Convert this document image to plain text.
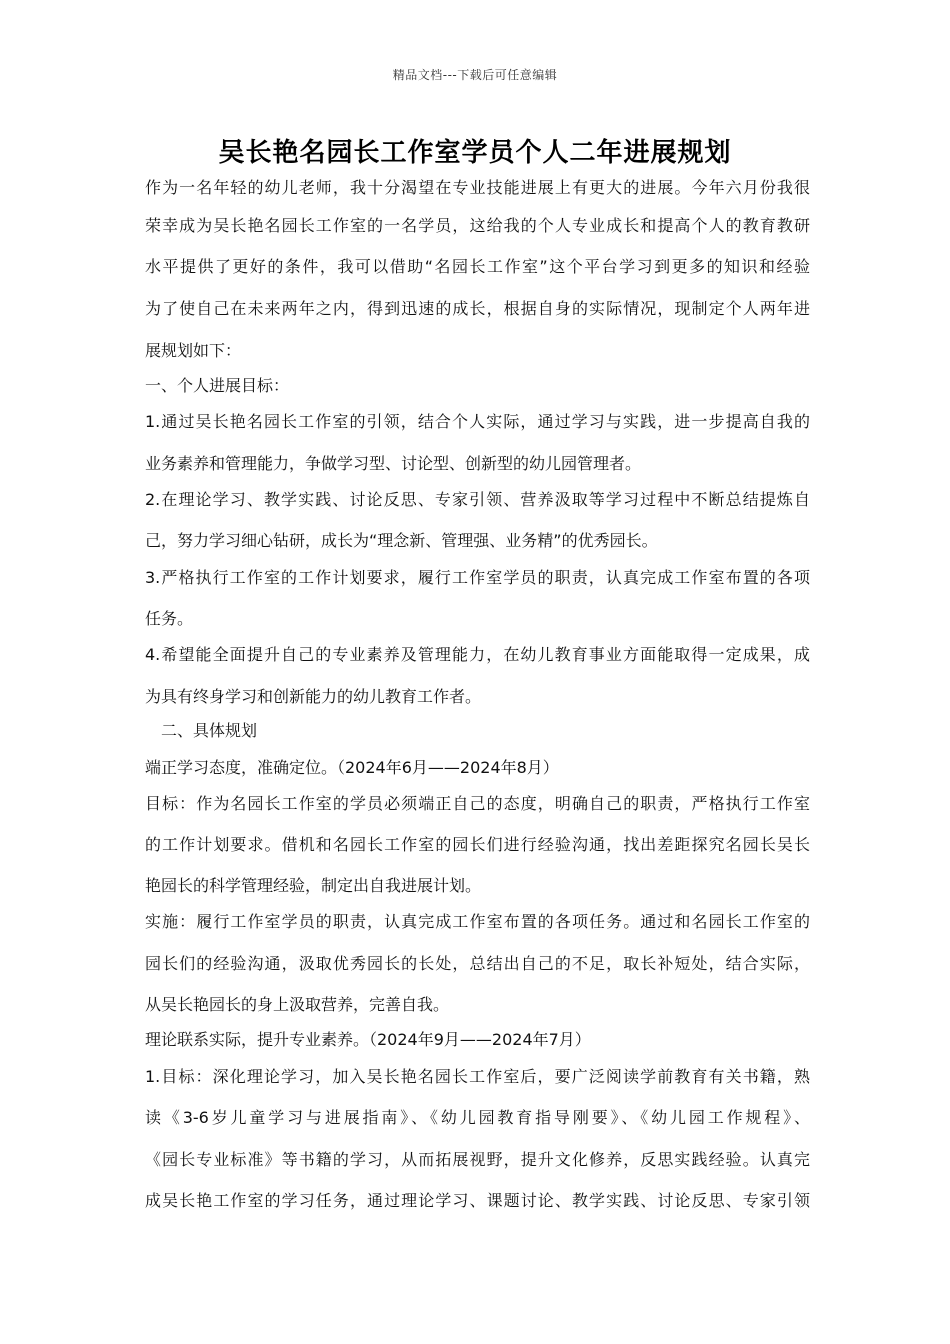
精品文档---下载后可任意编辑
吴长艳名园长工作室学员个人二年进展规划
作为一名年轻的幼儿老师，我十分渴望在专业技能进展上有更大的进展。今年六月份我很
荣幸成为吴长艳名园长工作室的一名学员，这给我的个人专业成长和提高个人的教育教研
水平提供了更好的条件，我可以借助“名园长工作室”这个平台学习到更多的知识和经验
为了使自己在未来两年之内，得到迅速的成长，根据自身的实际情况，现制定个人两年进
展规划如下：
一、个人进展目标：
1.通过吴长艳名园长工作室的引领，结合个人实际，通过学习与实践，进一步提高自我的
业务素养和管理能力，争做学习型、讨论型、创新型的幼儿园管理者。
2.在理论学习、教学实践、讨论反思、专家引领、营养汲取等学习过程中不断总结提炼自
己，努力学习细心钻研，成长为“理念新、管理强、业务精”的优秀园长。
3.严格执行工作室的工作计划要求，履行工作室学员的职责，认真完成工作室布置的各项
任务。
4.希望能全面提升自己的专业素养及管理能力，在幼儿教育事业方面能取得一定成果，成
为具有终身学习和创新能力的幼儿教育工作者。
二、具体规划
端正学习态度，准确定位。（2024年6月——2024年8月）
目标：作为名园长工作室的学员必须端正自己的态度，明确自己的职责，严格执行工作室
的工作计划要求。借机和名园长工作室的园长们进行经验沟通，找出差距探究名园长吴长
艳园长的科学管理经验，制定出自我进展计划。
实施：履行工作室学员的职责，认真完成工作室布置的各项任务。通过和名园长工作室的
园长们的经验沟通，汲取优秀园长的长处，总结出自己的不足，取长补短处，结合实际，
从吴长艳园长的身上汲取营养，完善自我。
理论联系实际，提升专业素养。（2024年9月——2024年7月）
1.目标：深化理论学习，加入吴长艳名园长工作室后，要广泛阅读学前教育有关书籍，熟
读《3-6岁儿童学习与进展指南》、《幼儿园教育指导刚要》、《幼儿园工作规程》、
《园长专业标准》等书籍的学习，从而拓展视野，提升文化修养，反思实践经验。认真完
成吴长艳工作室的学习任务，通过理论学习、课题讨论、教学实践、讨论反思、专家引领
